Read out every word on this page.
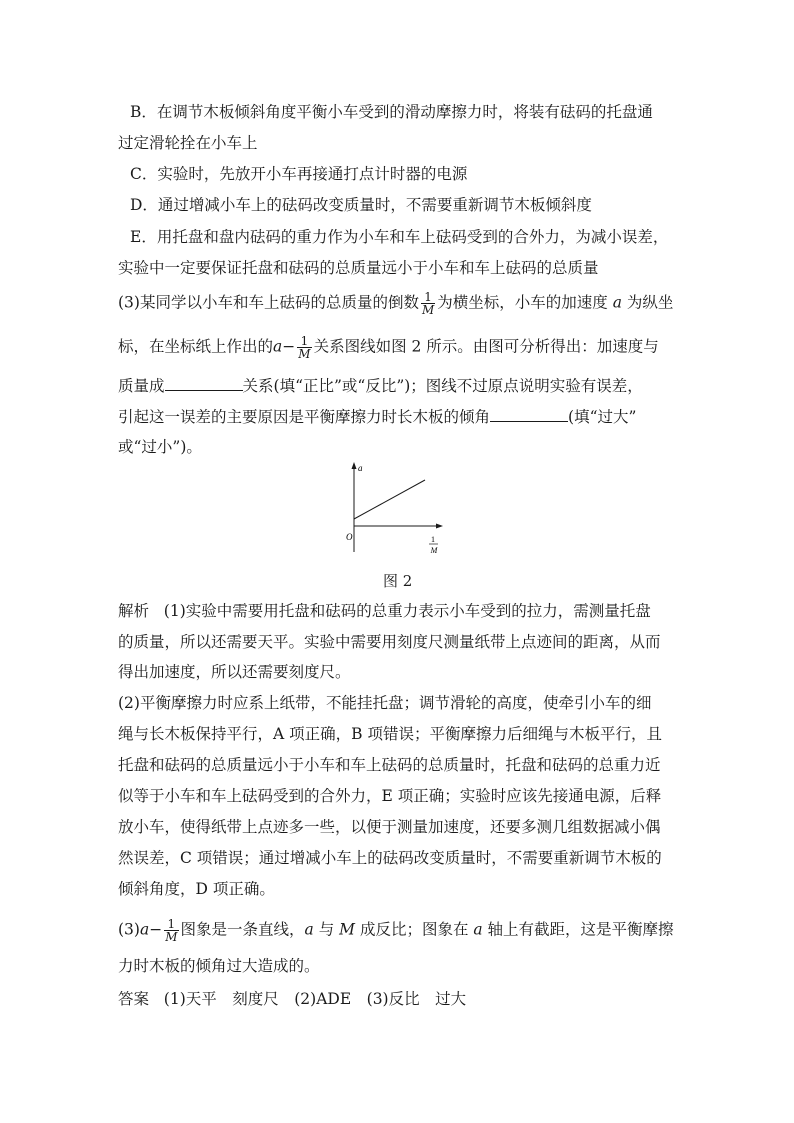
B．在调节木板倾斜角度平衡小车受到的滑动摩擦力时，将装有砝码的托盘通
过定滑轮拴在小车上
C．实验时，先放开小车再接通打点计时器的电源
D．通过增减小车上的砝码改变质量时，不需要重新调节木板倾斜度
E．用托盘和盘内砝码的重力作为小车和车上砝码受到的合外力，为减小误差，
实验中一定要保证托盘和砝码的总质量远小于小车和车上砝码的总质量
(3)某同学以小车和车上砝码的总质量的倒数 $\frac{1}{M}$ 为横坐标，小车的加速度 a 为纵坐
标，在坐标纸上作出的$a- \frac{1}{M}$ 关系图线如图 2 所示。由图可分析得出：加速度与
质量成	关系(填“正比”或“反比”)；图线不过原点说明实验有误差，
引起这一误差的主要原因是平衡摩擦力时长木板的倾角	(填“过大”
或“过小”)。
a
O	1
M
图 2
解析 (1)实验中需要用托盘和砝码的总重力表示小车受到的拉力，需测量托盘
的质量，所以还需要天平。实验中需要用刻度尺测量纸带上点迹间的距离，从而
得出加速度，所以还需要刻度尺。
(2)平衡摩擦力时应系上纸带，不能挂托盘；调节滑轮的高度，使牵引小车的细
绳与长木板保持平行，A 项正确，B 项错误；平衡摩擦力后细绳与木板平行，且
托盘和砝码的总质量远小于小车和车上砝码的总质量时，托盘和砝码的总重力近
似等于小车和车上砝码受到的合外力，E 项正确；实验时应该先接通电源，后释
放小车，使得纸带上点迹多一些，以便于测量加速度，还要多测几组数据减小偶
然误差，C 项错误；通过增减小车上的砝码改变质量时，不需要重新调节木板的
倾斜角度，D 项正确。
$(3)a- \frac{1}{M}$ 图象是一条直线，a 与 M 成反比；图象在 a 轴上有截距，这是平衡摩擦
力时木板的倾角过大造成的。
答案 (1)天平　刻度尺　(2)ADE　(3)反比　过大
